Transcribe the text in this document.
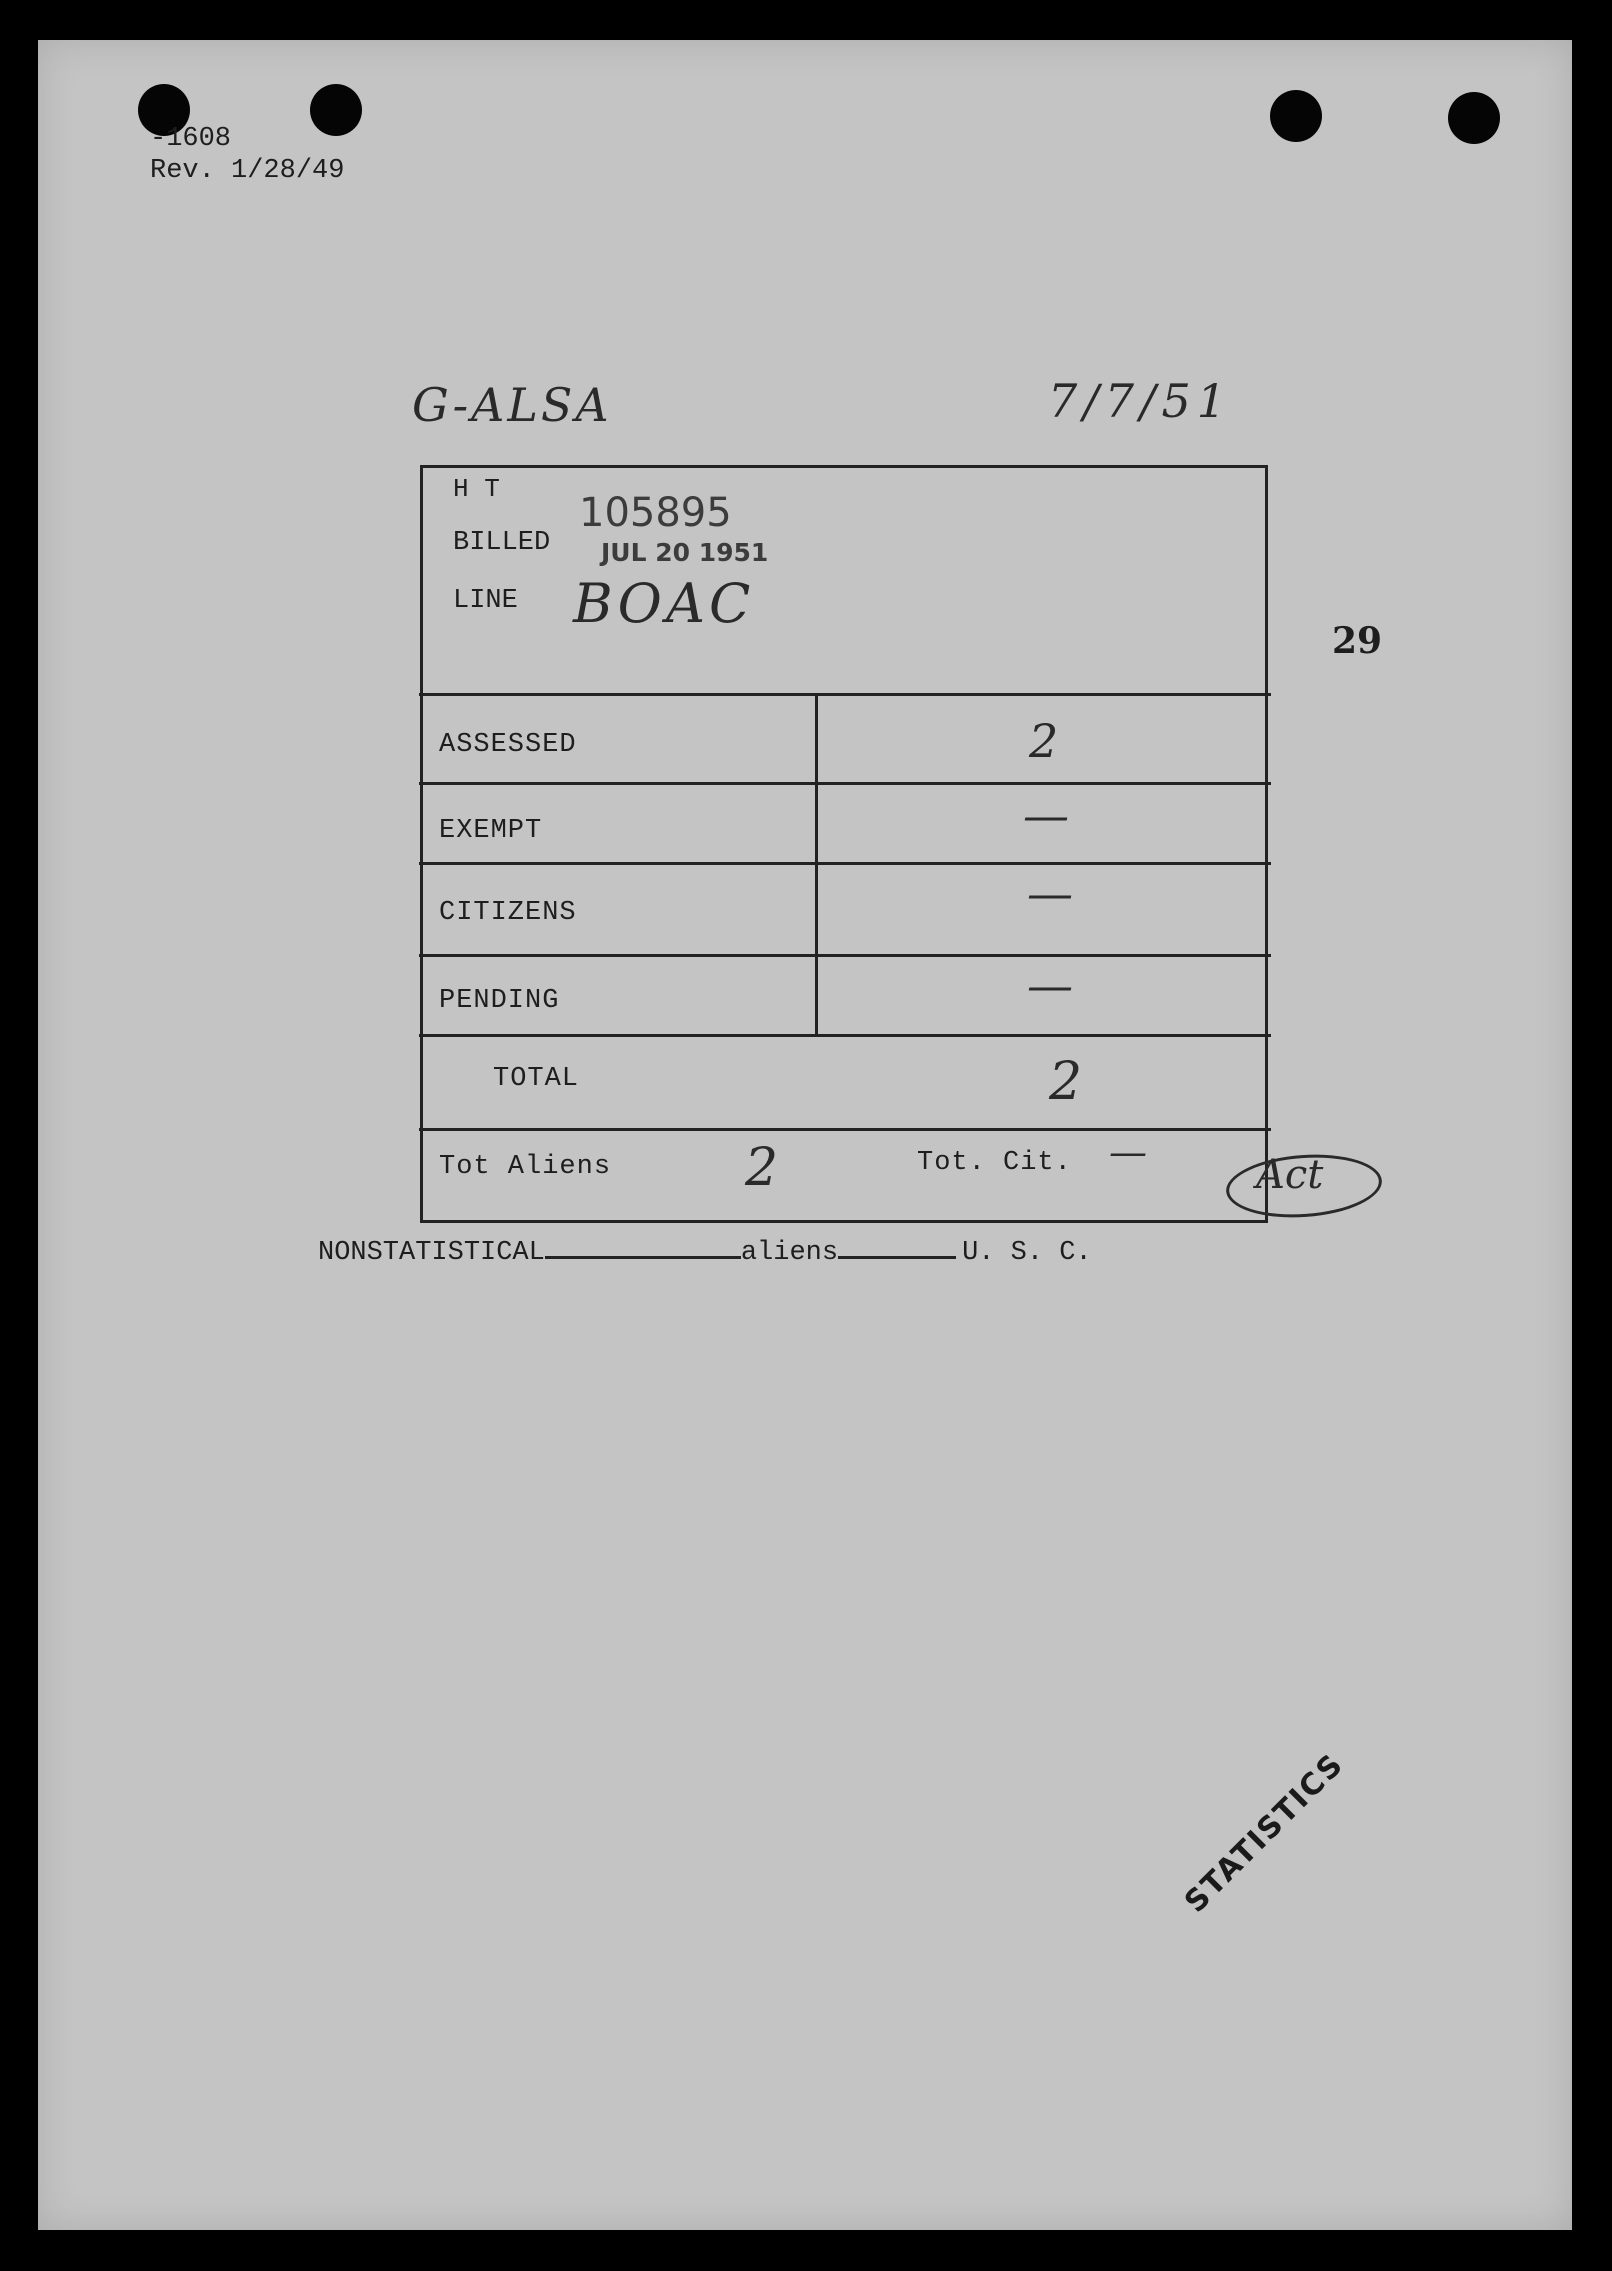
-1608
Rev. 1/28/49
G-ALSA	7/7/51
29
H T
BILLED
105895
JUL 20 1951
LINE BOAC
ASSESSED	2
EXEMPT	—
CITIZENS	—
PENDING	—
TOTAL	2
Tot Aliens	2	Tot. Cit. —	Act
NONSTATISTICAL	aliens	U. S. C.
STATISTICS
